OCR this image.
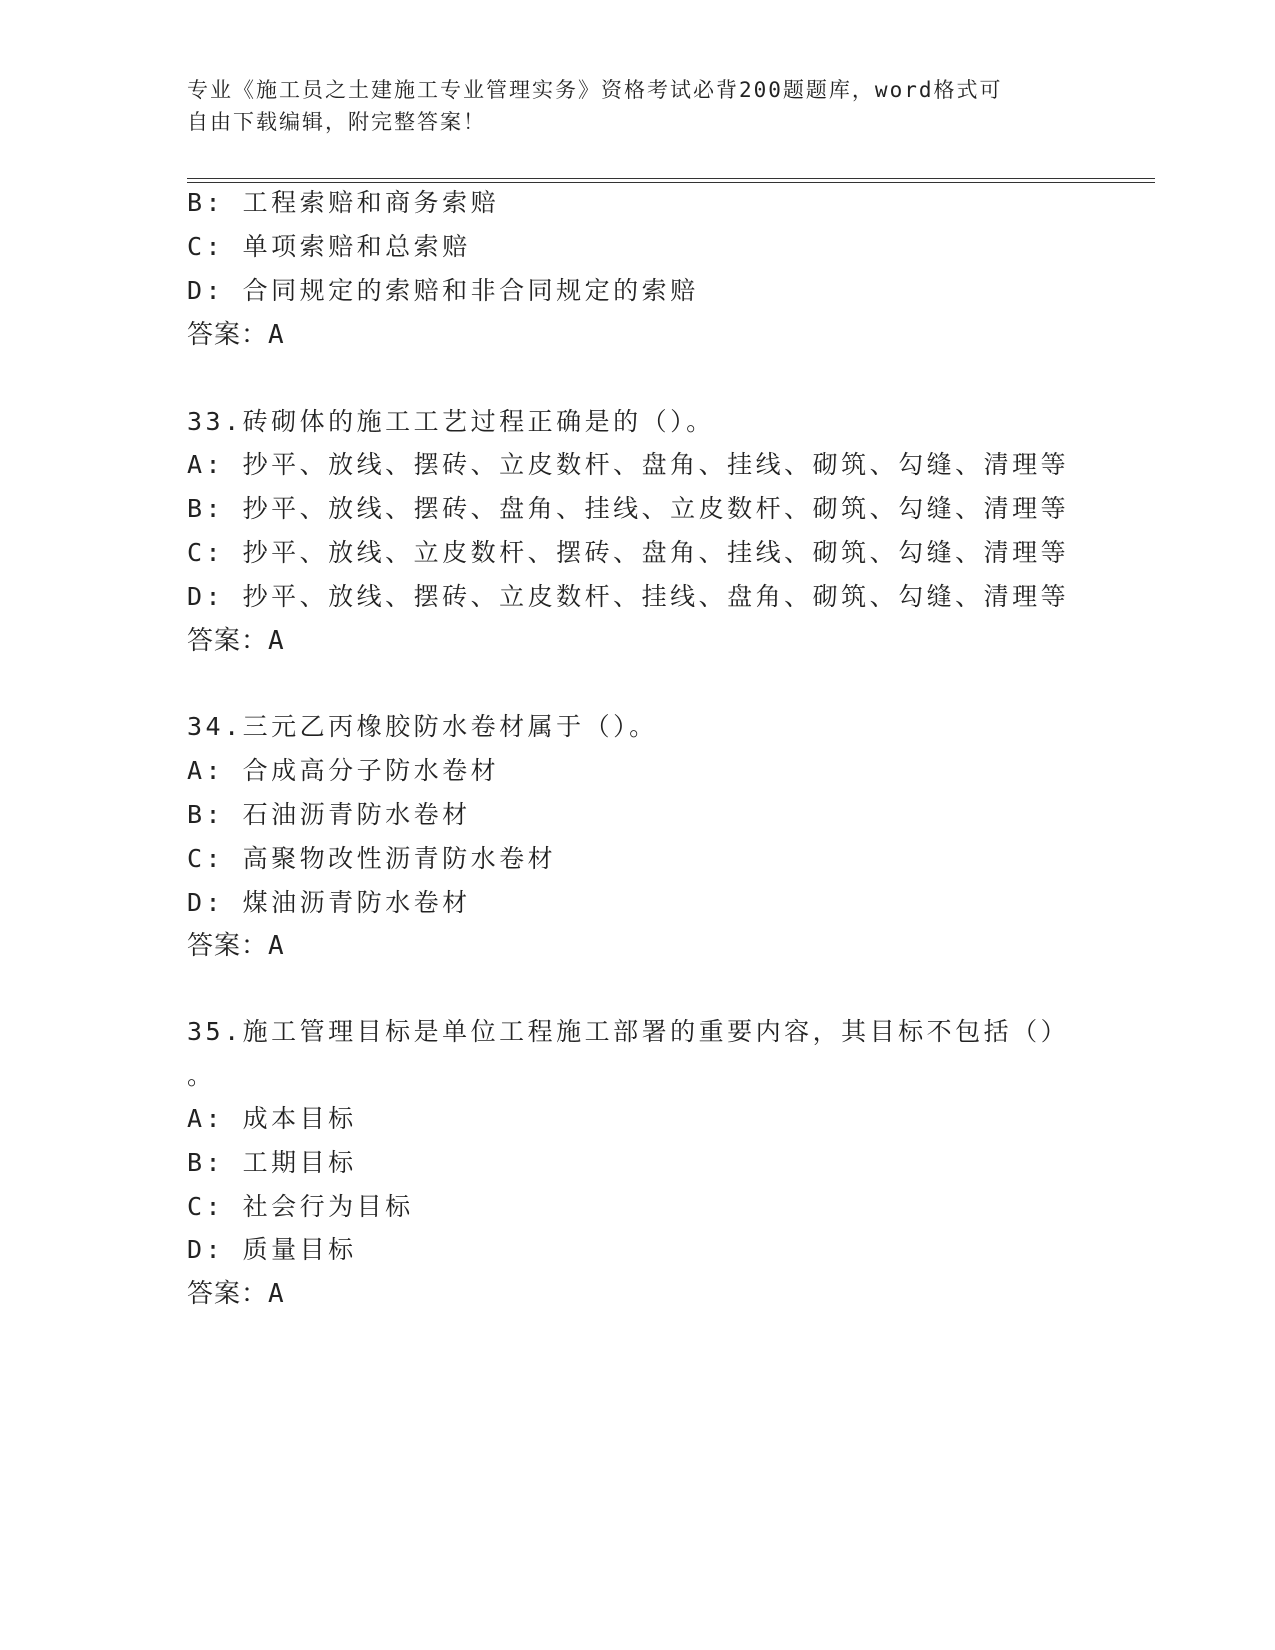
专业《施工员之土建施工专业管理实务》资格考试必背200题题库，word格式可
自由下载编辑，附完整答案！
B: 工程索赔和商务索赔
C: 单项索赔和总索赔
D: 合同规定的索赔和非合同规定的索赔
答案：A
33.砖砌体的施工工艺过程正确是的（）。
A: 抄平、放线、摆砖、立皮数杆、盘角、挂线、砌筑、勾缝、清理等
B: 抄平、放线、摆砖、盘角、挂线、立皮数杆、砌筑、勾缝、清理等
C: 抄平、放线、立皮数杆、摆砖、盘角、挂线、砌筑、勾缝、清理等
D: 抄平、放线、摆砖、立皮数杆、挂线、盘角、砌筑、勾缝、清理等
答案：A
34.三元乙丙橡胶防水卷材属于（）。
A: 合成高分子防水卷材
B: 石油沥青防水卷材
C: 高聚物改性沥青防水卷材
D: 煤油沥青防水卷材
答案：A
35.施工管理目标是单位工程施工部署的重要内容，其目标不包括（）
。
A: 成本目标
B: 工期目标
C: 社会行为目标
D: 质量目标
答案：A
